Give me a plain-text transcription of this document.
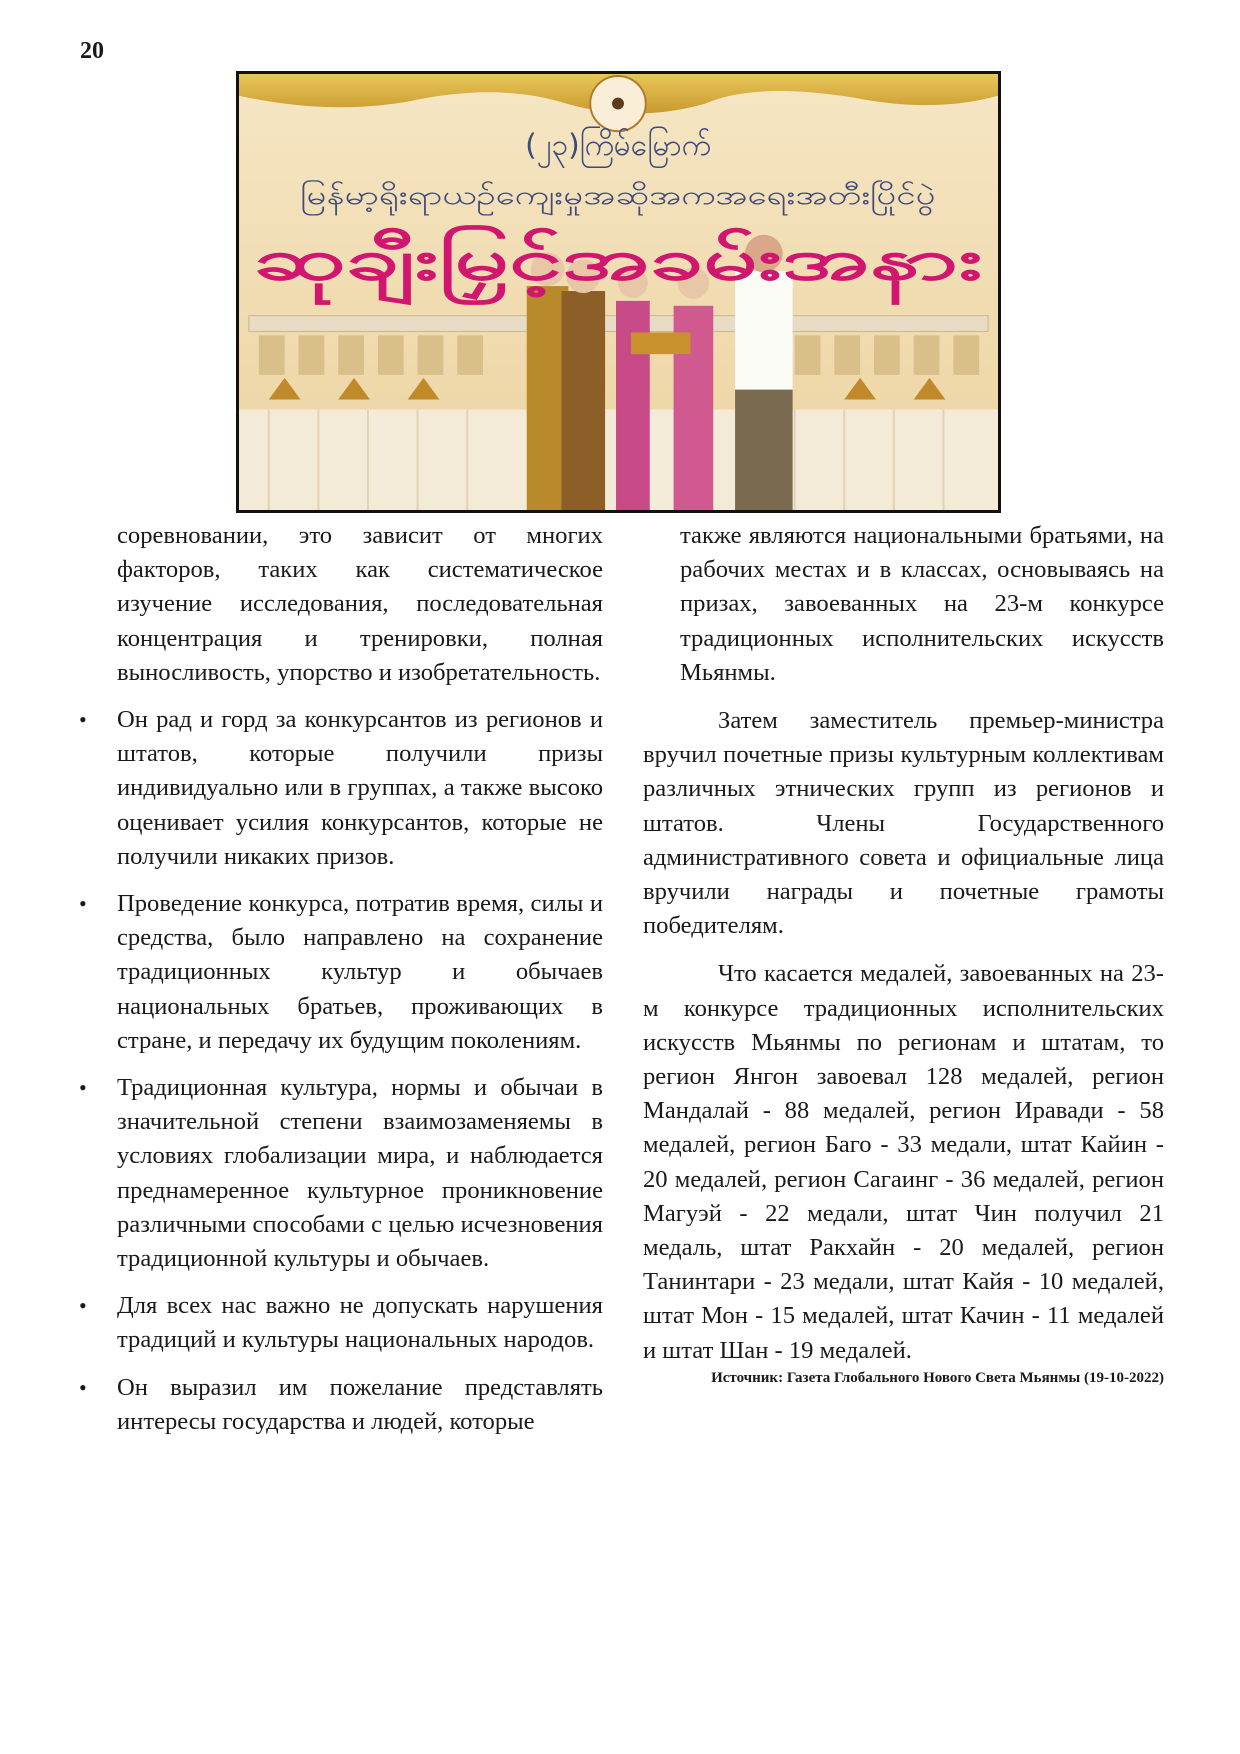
20
(၂၃)ကြိမ်မြောက်
မြန်မာ့ရိုးရာယဉ်ကျေးမှုအဆိုအကအရေးအတီးပြိုင်ပွဲ
ဆုချီးမြှင့်အခမ်းအနား

соревновании, это зависит от многих факторов, таких как систематическое изучение исследования, последовательная концентрация и тренировки, полная выносливость, упорство и изобретательность.

• Он рад и горд за конкурсантов из регионов и штатов, которые получили призы индивидуально или в группах, а также высоко оценивает усилия конкурсантов, которые не получили никаких призов.
• Проведение конкурса, потратив время, силы и средства, было направлено на сохранение традиционных культур и обычаев национальных братьев, проживающих в стране, и передачу их будущим поколениям.
• Традиционная культура, нормы и обычаи в значительной степени взаимозаменяемы в условиях глобализации мира, и наблюдается преднамеренное культурное проникновение различными способами с целью исчезновения традиционной культуры и обычаев.
• Для всех нас важно не допускать нарушения традиций и культуры национальных народов.
• Он выразил им пожелание представлять интересы государства и людей, которые

также являются национальными братьями, на рабочих местах и в классах, основываясь на призах, завоеванных на 23-м конкурсе традиционных исполнительских искусств Мьянмы.

Затем заместитель премьер-министра вручил почетные призы культурным коллективам различных этнических групп из регионов и штатов. Члены Государственного административного совета и официальные лица вручили награды и почетные грамоты победителям.

Что касается медалей, завоеванных на 23-м конкурсе традиционных исполнительских искусств Мьянмы по регионам и штатам, то регион Янгон завоевал 128 медалей, регион Мандалай - 88 медалей, регион Иравади - 58 медалей, регион Баго - 33 медали, штат Кайин - 20 медалей, регион Сагаинг - 36 медалей, регион Магуэй - 22 медали, штат Чин получил 21 медаль, штат Ракхайн - 20 медалей, регион Танинтари - 23 медали, штат Кайя - 10 медалей, штат Мон - 15 медалей, штат Качин - 11 медалей и штат Шан - 19 медалей.

Источник: Газета Глобального Нового Света Мьянмы (19-10-2022)
